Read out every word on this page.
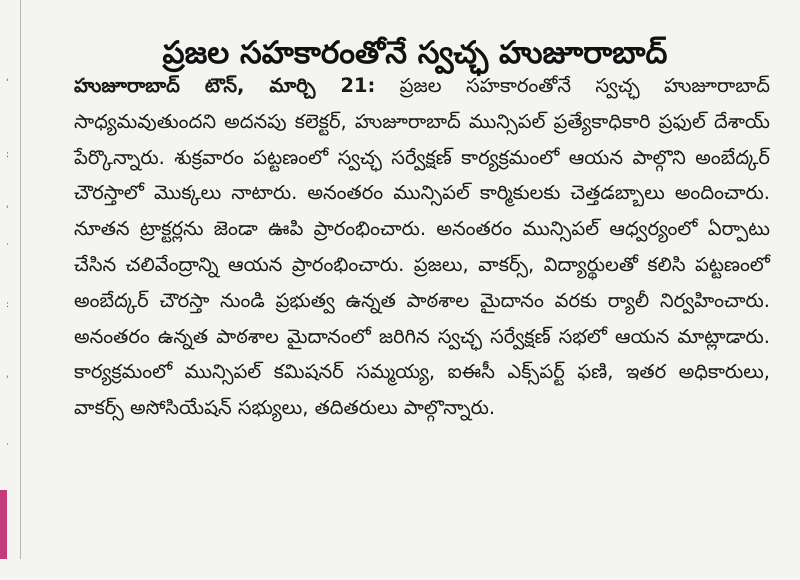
'
:
'
·
:
'
·
ప్రజల సహకారంతోనే స్వచ్ఛ హుజూరాబాద్

హుజూరాబాద్ టౌన్, మార్చి 21: ప్రజల సహకారంతోనే స్వచ్ఛ హుజూరాబాద్ సాధ్యమవుతుందని అదనపు కలెక్టర్, హుజూరాబాద్ మున్సిపల్ ప్రత్యేకాధికారి ప్రఫుల్ దేశాయ్ పేర్కొన్నారు. శుక్రవారం పట్టణంలో స్వచ్ఛ సర్వేక్షణ్ కార్యక్రమంలో ఆయన పాల్గొని అంబేద్కర్ చౌరస్తాలో మొక్కలు నాటారు. అనంతరం మున్సిపల్ కార్మికులకు చెత్తడబ్బాలు అందించారు. నూతన ట్రాక్టర్లను జెండా ఊపి ప్రారంభించారు. అనంతరం మున్సిపల్ ఆధ్వర్యంలో ఏర్పాటు చేసిన చలివేంద్రాన్ని ఆయన ప్రారంభించారు. ప్రజలు, వాకర్స్, విద్యార్థులతో కలిసి పట్టణంలో అంబేద్కర్ చౌరస్తా నుండి ప్రభుత్వ ఉన్నత పాఠశాల మైదానం వరకు ర్యాలీ నిర్వహించారు. అనంతరం ఉన్నత పాఠశాల మైదానంలో జరిగిన స్వచ్ఛ సర్వేక్షణ్ సభలో ఆయన మాట్లాడారు. కార్యక్రమంలో మున్సిపల్ కమిషనర్ సమ్మయ్య, ఐఈసీ ఎక్స్‌పర్ట్ ఫణి, ఇతర అధికారులు, వాకర్స్ అసోసియేషన్ సభ్యులు, తదితరులు పాల్గొన్నారు.
